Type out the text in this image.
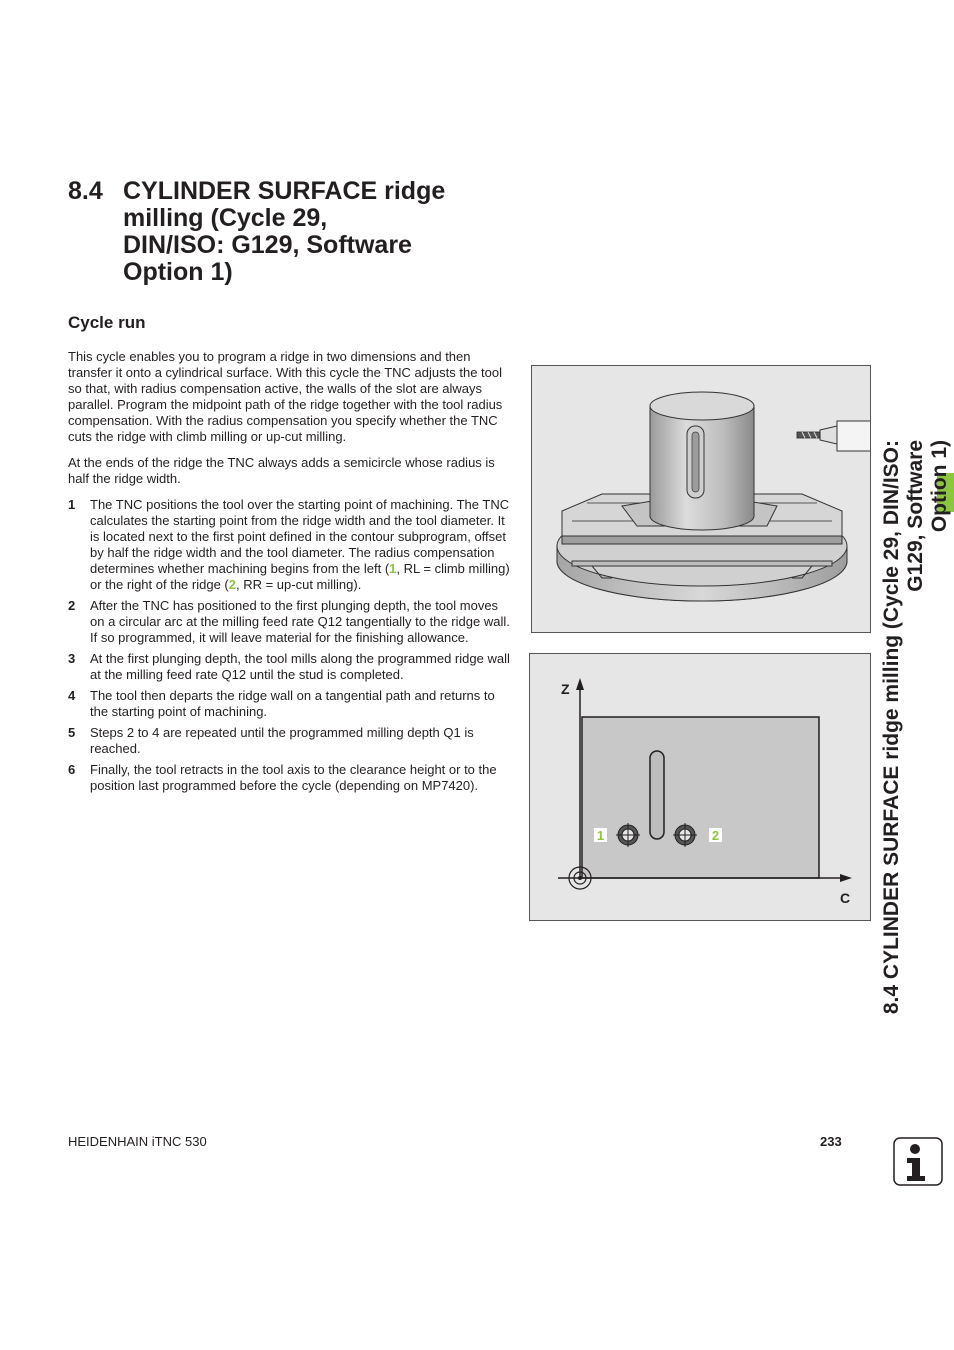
8.4 CYLINDER SURFACE ridge
milling (Cycle 29,
DIN/ISO: G129, Software
Option 1)
Cycle run

This cycle enables you to program a ridge in two dimensions and then transfer it onto a cylindrical surface. With this cycle the TNC adjusts the tool so that, with radius compensation active, the walls of the slot are always parallel. Program the midpoint path of the ridge together with the tool radius compensation. With the radius compensation you specify whether the TNC cuts the ridge with climb milling or up-cut milling.

At the ends of the ridge the TNC always adds a semicircle whose radius is half the ridge width.

1 The TNC positions the tool over the starting point of machining. The TNC calculates the starting point from the ridge width and the tool diameter. It is located next to the first point defined in the contour subprogram, offset by half the ridge width and the tool diameter. The radius compensation determines whether machining begins from the left (1, RL = climb milling) or the right of the ridge (2, RR = up-cut milling).
2 After the TNC has positioned to the first plunging depth, the tool moves on a circular arc at the milling feed rate Q12 tangentially to the ridge wall. If so programmed, it will leave material for the finishing allowance.
3 At the first plunging depth, the tool mills along the programmed ridge wall at the milling feed rate Q12 until the stud is completed.
4 The tool then departs the ridge wall on a tangential path and returns to the starting point of machining.
5 Steps 2 to 4 are repeated until the programmed milling depth Q1 is reached.
6 Finally, the tool retracts in the tool axis to the clearance height or to the position last programmed before the cycle (depending on MP7420).
1	2
Z
C 8.4 CYLINDER SURFACE ridge milling (Cycle 29, DIN/ISO: G129, Software Option 1)
HEIDENHAIN iTNC 530	233
